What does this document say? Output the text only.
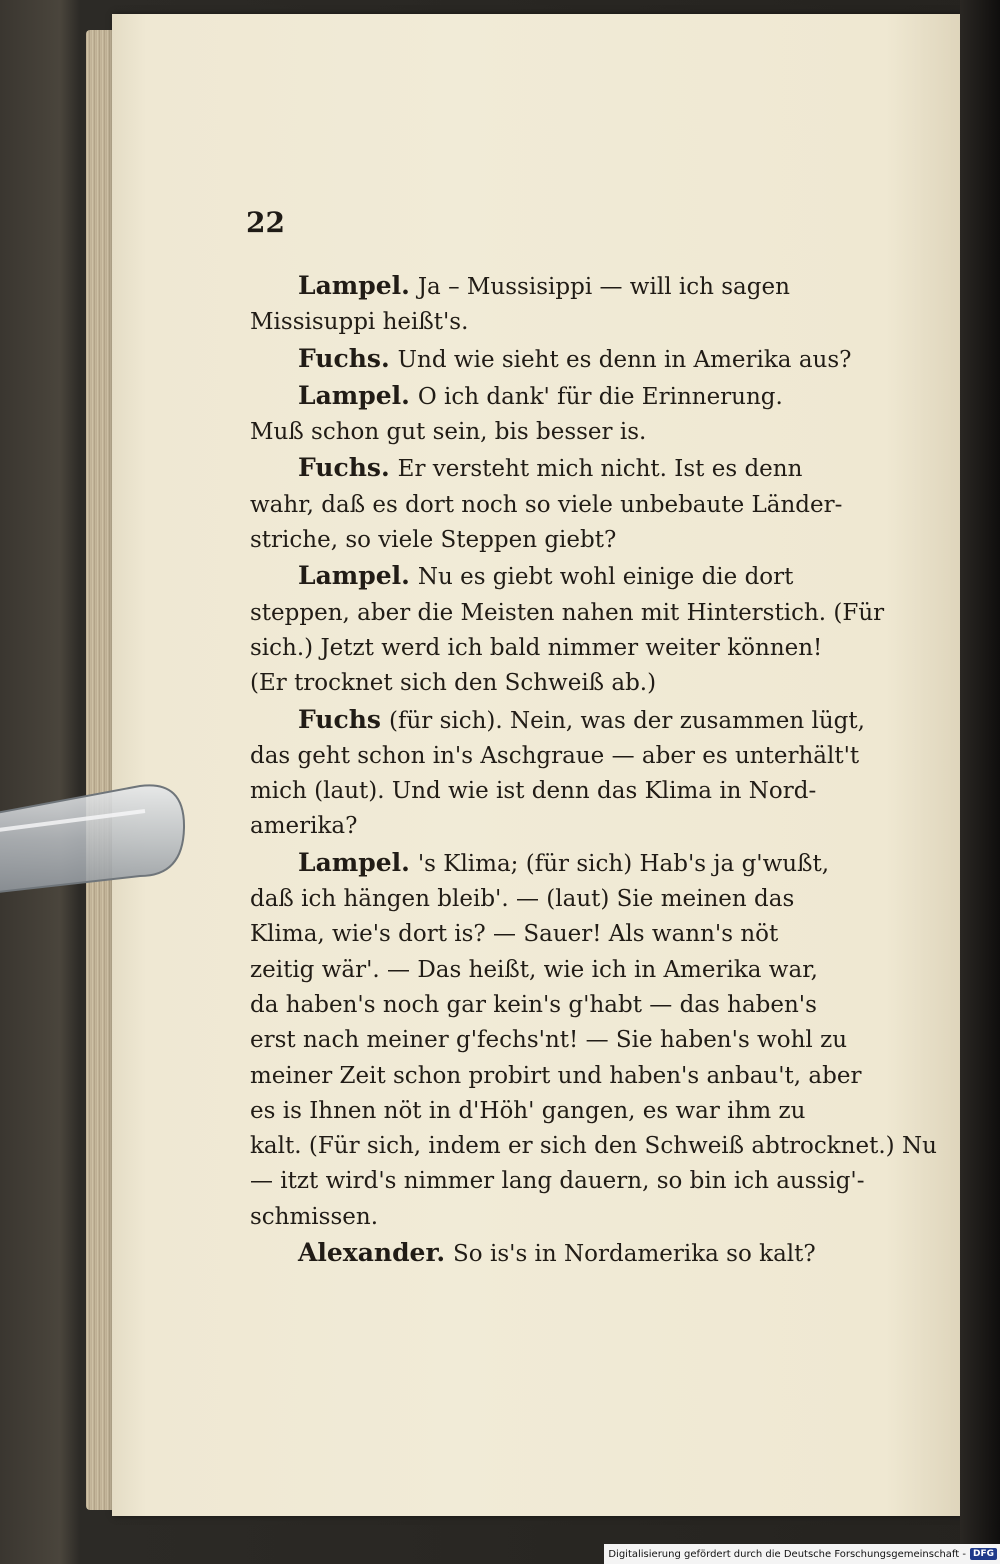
22
Lampel. Ja – Mussisippi — will ich sagen
Missisuppi heißt's.
Fuchs. Und wie sieht es denn in Amerika aus?
Lampel. O ich dank' für die Erinnerung.
Muß schon gut sein, bis besser is.
Fuchs. Er versteht mich nicht. Ist es denn
wahr, daß es dort noch so viele unbebaute Länder-
striche, so viele Steppen giebt?
Lampel. Nu es giebt wohl einige die dort
steppen, aber die Meisten nahen mit Hinterstich. (Für
sich.) Jetzt werd ich bald nimmer weiter können!
(Er trocknet sich den Schweiß ab.)
Fuchs (für sich). Nein, was der zusammen lügt,
das geht schon in's Aschgraue — aber es unterhält't
mich (laut). Und wie ist denn das Klima in Nord-
amerika?
Lampel. 's Klima; (für sich) Hab's ja g'wußt,
daß ich hängen bleib'. — (laut) Sie meinen das
Klima, wie's dort is? — Sauer! Als wann's nöt
zeitig wär'. — Das heißt, wie ich in Amerika war,
da haben's noch gar kein's g'habt — das haben's
erst nach meiner g'fechs'nt! — Sie haben's wohl zu
meiner Zeit schon probirt und haben's anbau't, aber
es is Ihnen nöt in d'Höh' gangen, es war ihm zu
kalt. (Für sich, indem er sich den Schweiß abtrocknet.) Nu
— itzt wird's nimmer lang dauern, so bin ich aussig'-
schmissen.
Alexander. So is's in Nordamerika so kalt?
Digitalisierung gefördert durch die Deutsche Forschungsgemeinschaft - DFG
